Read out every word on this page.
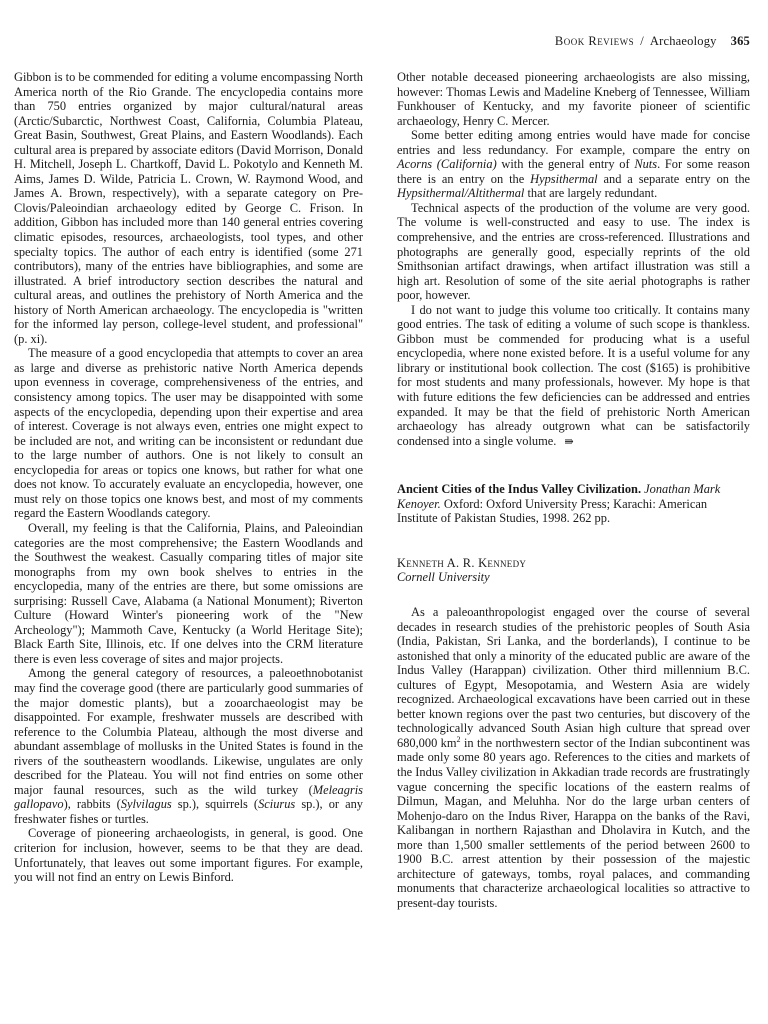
Book Reviews / Archaeology 365

Gibbon is to be commended for editing a volume encompassing North America north of the Rio Grande. The encyclopedia contains more than 750 entries organized by major cultural/natural areas (Arctic/Subarctic, Northwest Coast, California, Columbia Plateau, Great Basin, Southwest, Great Plains, and Eastern Woodlands). Each cultural area is prepared by associate editors (David Morrison, Donald H. Mitchell, Joseph L. Chartkoff, David L. Pokotylo and Kenneth M. Aims, James D. Wilde, Patricia L. Crown, W. Raymond Wood, and James A. Brown, respectively), with a separate category on Pre-Clovis/Paleoindian archaeology edited by George C. Frison. In addition, Gibbon has included more than 140 general entries covering climatic episodes, resources, archaeologists, tool types, and other specialty topics. The author of each entry is identified (some 271 contributors), many of the entries have bibliographies, and some are illustrated. A brief introductory section describes the natural and cultural areas, and outlines the prehistory of North America and the history of North American archaeology. The encyclopedia is "written for the informed lay person, college-level student, and professional" (p. xi).

The measure of a good encyclopedia that attempts to cover an area as large and diverse as prehistoric native North America depends upon evenness in coverage, comprehensiveness of the entries, and consistency among topics. The user may be disappointed with some aspects of the encyclopedia, depending upon their expertise and area of interest. Coverage is not always even, entries one might expect to be included are not, and writing can be inconsistent or redundant due to the large number of authors. One is not likely to consult an encyclopedia for areas or topics one knows, but rather for what one does not know. To accurately evaluate an encyclopedia, however, one must rely on those topics one knows best, and most of my comments regard the Eastern Woodlands category.

Overall, my feeling is that the California, Plains, and Paleoindian categories are the most comprehensive; the Eastern Woodlands and the Southwest the weakest. Casually comparing titles of major site monographs from my own book shelves to entries in the encyclopedia, many of the entries are there, but some omissions are surprising: Russell Cave, Alabama (a National Monument); Riverton Culture (Howard Winter's pioneering work of the "New Archeology"); Mammoth Cave, Kentucky (a World Heritage Site); Black Earth Site, Illinois, etc. If one delves into the CRM literature there is even less coverage of sites and major projects.

Among the general category of resources, a paleoethnobotanist may find the coverage good (there are particularly good summaries of the major domestic plants), but a zooarchaeologist may be disappointed. For example, freshwater mussels are described with reference to the Columbia Plateau, although the most diverse and abundant assemblage of mollusks in the United States is found in the rivers of the southeastern woodlands. Likewise, ungulates are only described for the Plateau. You will not find entries on some other major faunal resources, such as the wild turkey (Meleagris gallopavo), rabbits (Sylvilagus sp.), squirrels (Sciurus sp.), or any freshwater fishes or turtles.

Coverage of pioneering archaeologists, in general, is good. One criterion for inclusion, however, seems to be that they are dead. Unfortunately, that leaves out some important figures. For example, you will not find an entry on Lewis Binford.

Other notable deceased pioneering archaeologists are also missing, however: Thomas Lewis and Madeline Kneberg of Tennessee, William Funkhouser of Kentucky, and my favorite pioneer of scientific archaeology, Henry C. Mercer.

Some better editing among entries would have made for concise entries and less redundancy. For example, compare the entry on Acorns (California) with the general entry of Nuts. For some reason there is an entry on the Hypsithermal and a separate entry on the Hypsithermal/Altithermal that are largely redundant.

Technical aspects of the production of the volume are very good. The volume is well-constructed and easy to use. The index is comprehensive, and the entries are cross-referenced. Illustrations and photographs are generally good, especially reprints of the old Smithsonian artifact drawings, when artifact illustration was still a high art. Resolution of some of the site aerial photographs is rather poor, however.

I do not want to judge this volume too critically. It contains many good entries. The task of editing a volume of such scope is thankless. Gibbon must be commended for producing what is a useful encyclopedia, where none existed before. It is a useful volume for any library or institutional book collection. The cost ($165) is prohibitive for most students and many professionals, however. My hope is that with future editions the few deficiencies can be addressed and entries expanded. It may be that the field of prehistoric North American archaeology has already outgrown what can be satisfactorily condensed into a single volume. ⇛

Ancient Cities of the Indus Valley Civilization. Jonathan Mark Kenoyer. Oxford: Oxford University Press; Karachi: American Institute of Pakistan Studies, 1998. 262 pp.

Kenneth A. R. Kennedy
Cornell University

As a paleoanthropologist engaged over the course of several decades in research studies of the prehistoric peoples of South Asia (India, Pakistan, Sri Lanka, and the borderlands), I continue to be astonished that only a minority of the educated public are aware of the Indus Valley (Harappan) civilization. Other third millennium B.C. cultures of Egypt, Mesopotamia, and Western Asia are widely recognized. Archaeological excavations have been carried out in these better known regions over the past two centuries, but discovery of the technologically advanced South Asian high culture that spread over 680,000 $km^2$ in the northwestern sector of the Indian subcontinent was made only some 80 years ago. References to the cities and markets of the Indus Valley civilization in Akkadian trade records are frustratingly vague concerning the specific locations of the eastern realms of Dilmun, Magan, and Meluhha. Nor do the large urban centers of Mohenjo-daro on the Indus River, Harappa on the banks of the Ravi, Kalibangan in northern Rajasthan and Dholavira in Kutch, and the more than 1,500 smaller settlements of the period between 2600 to 1900 B.C. arrest attention by their possession of the majestic architecture of gateways, tombs, royal palaces, and commanding monuments that characterize archaeological localities so attractive to present-day tourists.
